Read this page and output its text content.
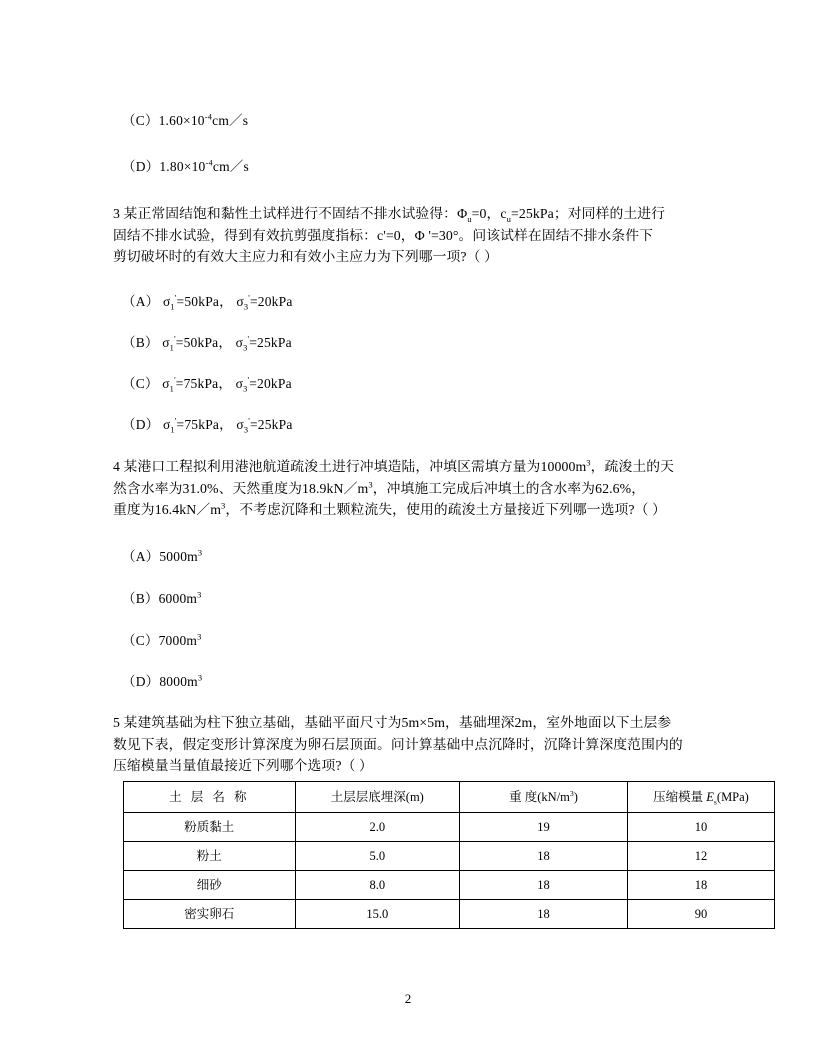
$(C)1.60\times 10^{-4}cm/s$
$(D)1.80\times 10^{-4}cm/s$
3 某正常固结饱和黏性土试样进行不固结不排水试验得：$\Phi_u=0$，$c_u=25kPa$；对同样的土进行
固结不排水试验，得到有效抗剪强度指标：c'=0，Φ '=30°。问该试样在固结不排水条件下
剪切破坏时的有效大主应力和有效小主应力为下列哪一项?（ ）
（A） $\sigma_1'=50kPa$， $\sigma_3'=20kPa$
（B） $\sigma_1'=50kPa$， $\sigma_3'=25kPa$
（C） $\sigma_1'=75kPa$， $\sigma_3'=20kPa$
（D） $\sigma_1'=75kPa$， $\sigma_3'=25kPa$
4 某港口工程拟利用港池航道疏浚土进行冲填造陆，冲填区需填方量为$10000m^3$，疏浚土的天
然含水率为31.0%、天然重度为$18.9kN/m^3$，冲填施工完成后冲填土的含水率为62.6%，
重度为$16.4kN/m^3$，不考虑沉降和土颗粒流失，使用的疏浚土方量接近下列哪一选项?（ ）
$(A)5000m^3$
$(B)6000m^3$
$(C)7000m^3$
$(D)8000m^3$
5 某建筑基础为柱下独立基础，基础平面尺寸为5m×5m，基础埋深2m，室外地面以下土层参
数见下表，假定变形计算深度为卵石层顶面。问计算基础中点沉降时，沉降计算深度范围内的
压缩模量当量值最接近下列哪个选项?（ ）
土 层 名 称	土层层底埋深(m)	重 度$(kN/m^3)$	压缩模量 $E_s(MPa)$
粉质黏土	2.0	19	10
粉土	5.0	18	12
细砂	8.0	18	18
密实卵石	15.0	18	90
2
